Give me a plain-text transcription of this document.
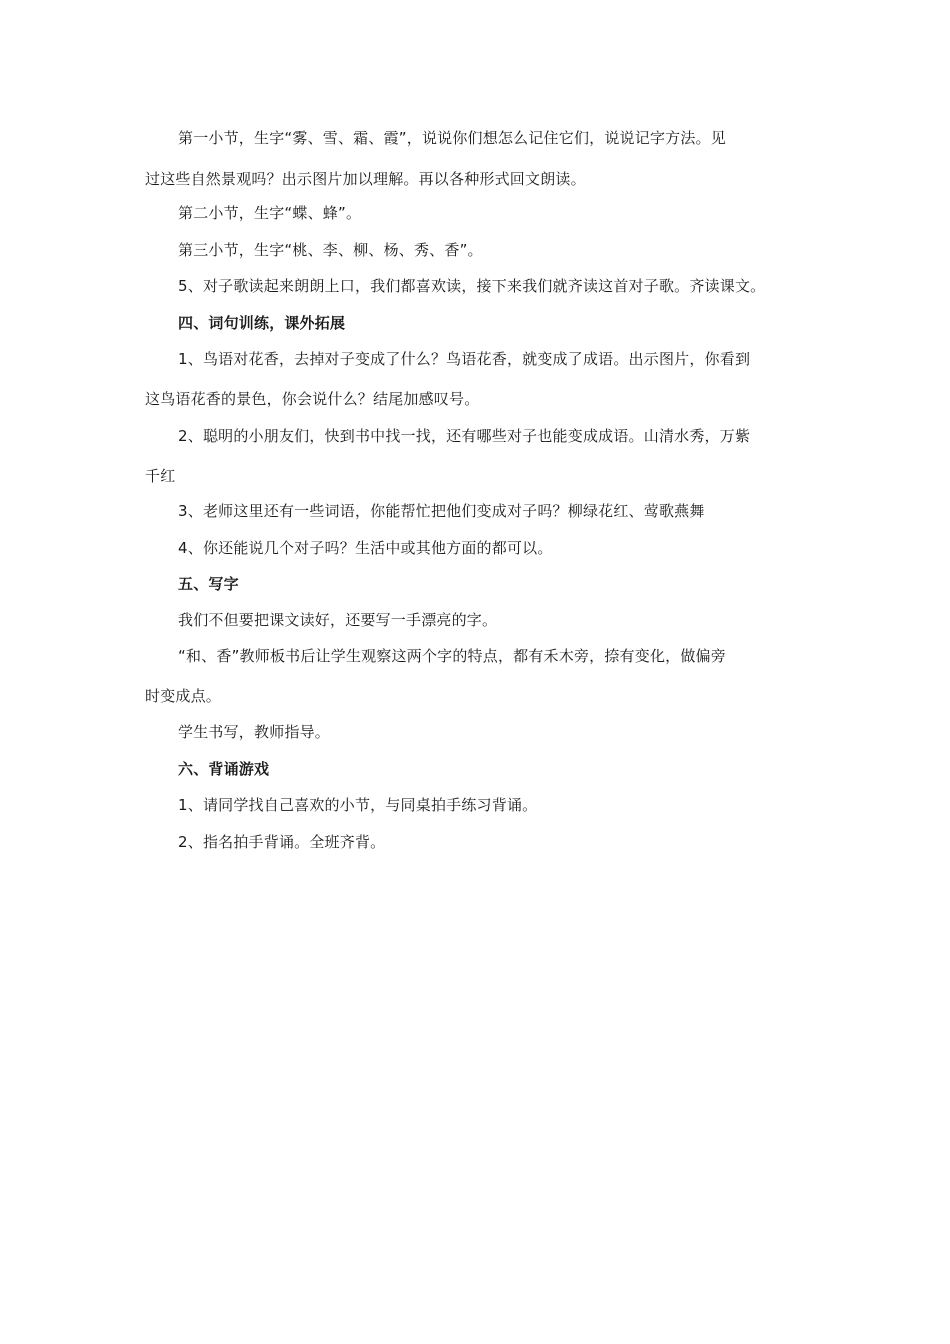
第一小节，生字“雾、雪、霜、霞”，说说你们想怎么记住它们，说说记字方法。见
过这些自然景观吗？出示图片加以理解。再以各种形式回文朗读。
第二小节，生字“蝶、蜂”。
第三小节，生字“桃、李、柳、杨、秀、香”。
5、对子歌读起来朗朗上口，我们都喜欢读，接下来我们就齐读这首对子歌。齐读课文。
四、词句训练，课外拓展
1、鸟语对花香，去掉对子变成了什么？鸟语花香，就变成了成语。出示图片，你看到
这鸟语花香的景色，你会说什么？结尾加感叹号。
2、聪明的小朋友们，快到书中找一找，还有哪些对子也能变成成语。山清水秀，万紫
千红
3、老师这里还有一些词语，你能帮忙把他们变成对子吗？柳绿花红、莺歌燕舞
4、你还能说几个对子吗？生活中或其他方面的都可以。
五、写字
我们不但要把课文读好，还要写一手漂亮的字。
“和、香”教师板书后让学生观察这两个字的特点，都有禾木旁，捺有变化，做偏旁
时变成点。
学生书写，教师指导。
六、背诵游戏
1、请同学找自己喜欢的小节，与同桌拍手练习背诵。
2、指名拍手背诵。全班齐背。
